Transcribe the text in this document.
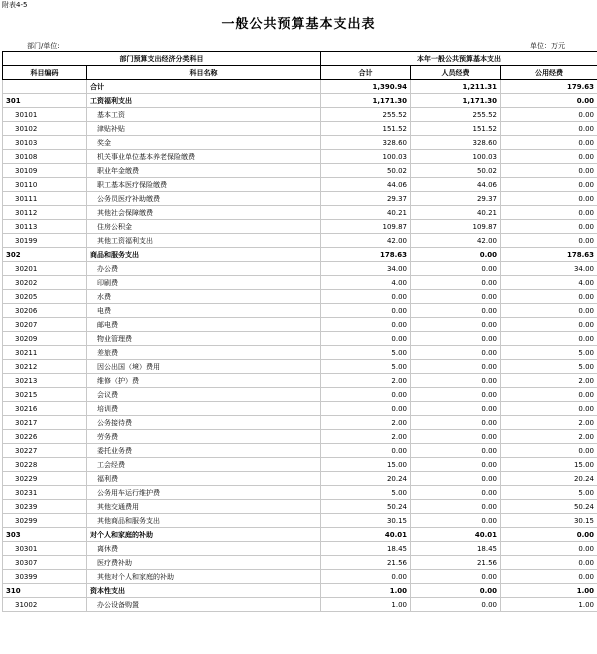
附表4-5
一般公共预算基本支出表
部门/单位:	单位：万元
部门预算支出经济分类科目		本年一般公共预算基本支出		
科目编码	科目名称	合计	人员经费	公用经费
	合计	1,390.94	1,211.31	179.63
301	工资福利支出	1,171.30	1,171.30	0.00
30101	基本工资	255.52	255.52	0.00
30102	津贴补贴	151.52	151.52	0.00
30103	奖金	328.60	328.60	0.00
30108	机关事业单位基本养老保险缴费	100.03	100.03	0.00
30109	职业年金缴费	50.02	50.02	0.00
30110	职工基本医疗保险缴费	44.06	44.06	0.00
30111	公务员医疗补助缴费	29.37	29.37	0.00
30112	其他社会保障缴费	40.21	40.21	0.00
30113	住房公积金	109.87	109.87	0.00
30199	其他工资福利支出	42.00	42.00	0.00
302	商品和服务支出	178.63	0.00	178.63
30201	办公费	34.00	0.00	34.00
30202	印刷费	4.00	0.00	4.00
30205	水费	0.00	0.00	0.00
30206	电费	0.00	0.00	0.00
30207	邮电费	0.00	0.00	0.00
30209	物业管理费	0.00	0.00	0.00
30211	差旅费	5.00	0.00	5.00
30212	因公出国（境）费用	5.00	0.00	5.00
30213	维修（护）费	2.00	0.00	2.00
30215	会议费	0.00	0.00	0.00
30216	培训费	0.00	0.00	0.00
30217	公务接待费	2.00	0.00	2.00
30226	劳务费	2.00	0.00	2.00
30227	委托业务费	0.00	0.00	0.00
30228	工会经费	15.00	0.00	15.00
30229	福利费	20.24	0.00	20.24
30231	公务用车运行维护费	5.00	0.00	5.00
30239	其他交通费用	50.24	0.00	50.24
30299	其他商品和服务支出	30.15	0.00	30.15
303	对个人和家庭的补助	40.01	40.01	0.00
30301	离休费	18.45	18.45	0.00
30307	医疗费补助	21.56	21.56	0.00
30399	其他对个人和家庭的补助	0.00	0.00	0.00
310	资本性支出	1.00	0.00	1.00
31002	办公设备购置	1.00	0.00	1.00
